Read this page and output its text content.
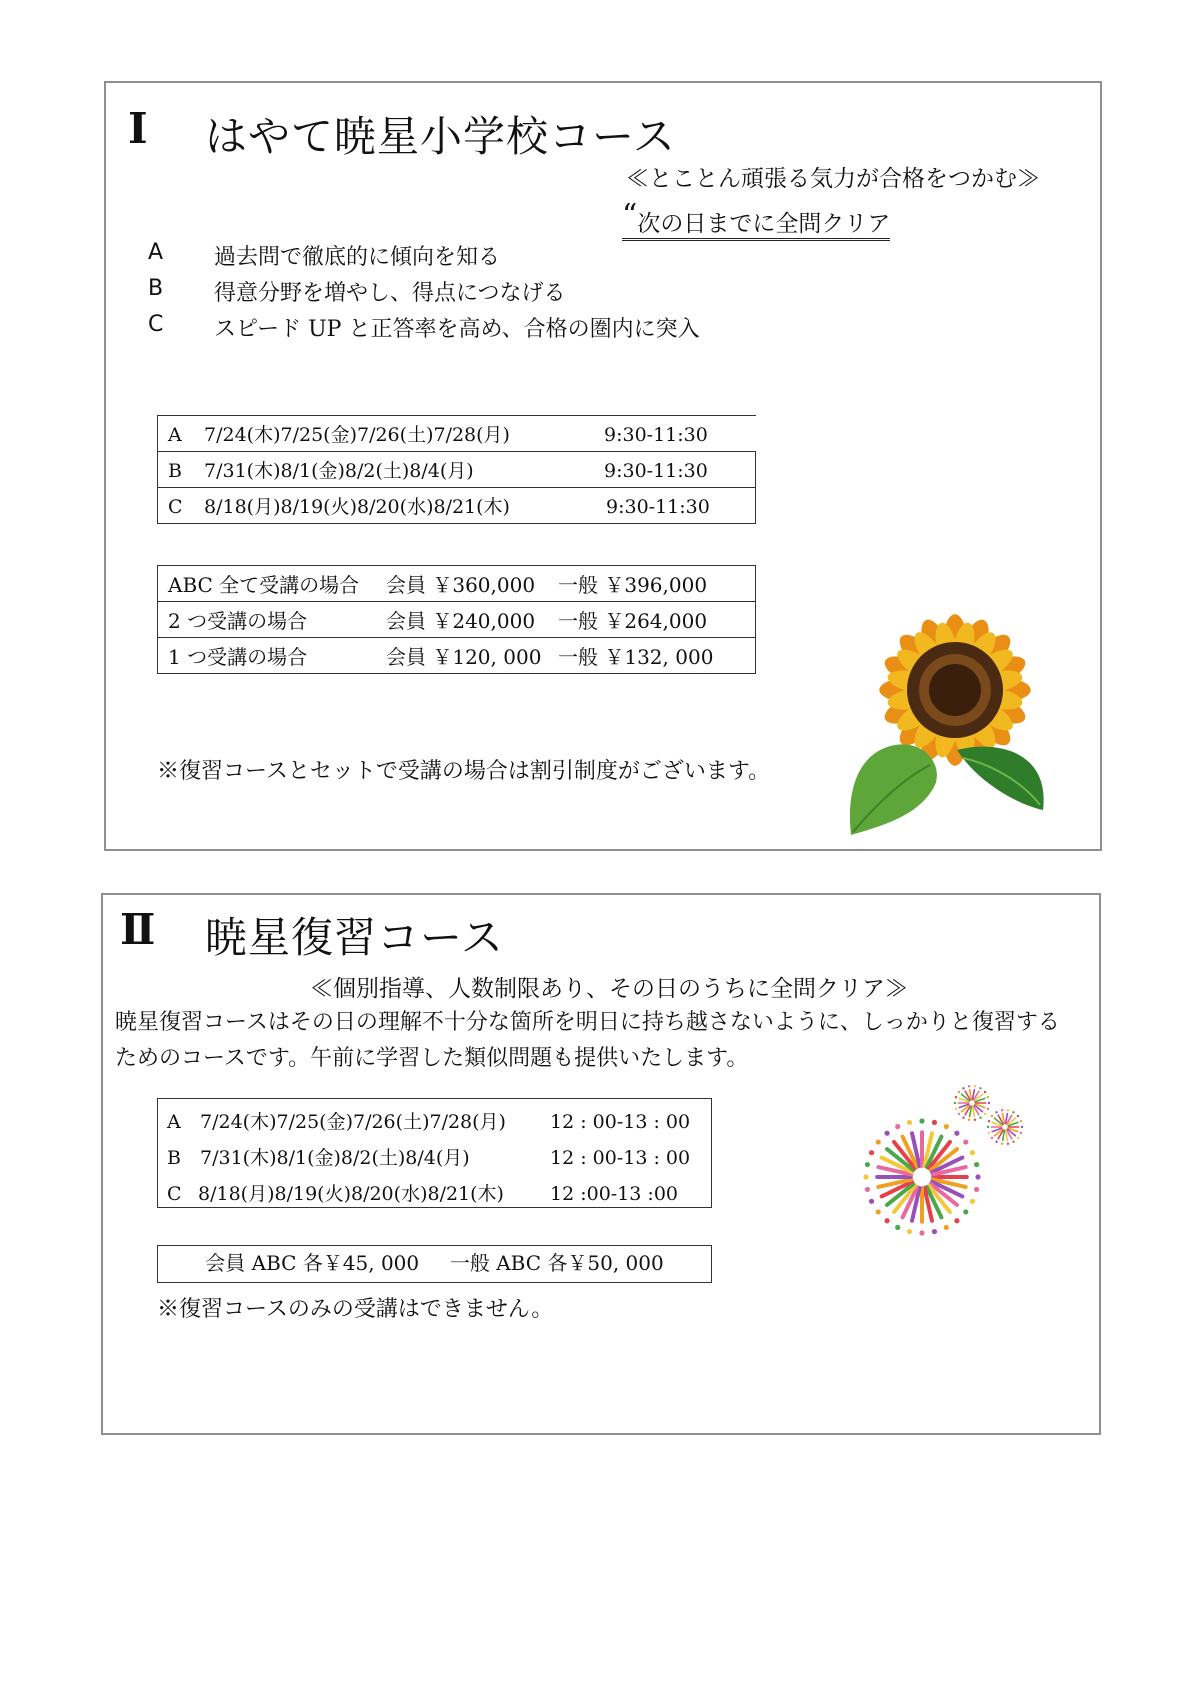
Ⅰ はやて暁星小学校コース
≪とことん頑張る気力が合格をつかむ≫
“次の日までに全問クリア
A 過去問で徹底的に傾向を知る
B 得意分野を増やし、得点につなげる
C スピード UP と正答率を高め、合格の圏内に突入
A 7/24(木)7/25(金)7/26(土)7/28(月)	9:30-11:30
B 7/31(木)8/1(金)8/2(土)8/4(月)	9:30-11:30
C 8/18(月)8/19(火)8/20(水)8/21(木)	9:30-11:30
ABC 全て受講の場合 会員 ￥360,000 一般 ￥396,000
2 つ受講の場合	会員 ￥240,000 一般 ￥264,000
1 つ受講の場合	会員 ￥120, 000 一般 ￥132, 000
※復習コースとセットで受講の場合は割引制度がございます。
Ⅱ 暁星復習コース
≪個別指導、人数制限あり、その日のうちに全問クリア≫
暁星復習コースはその日の理解不十分な箇所を明日に持ち越さないように、しっかりと復習する
ためのコースです。午前に学習した類似問題も提供いたします。
A 7/24(木)7/25(金)7/26(土)7/28(月) 12 : 00-13 : 00
B 7/31(木)8/1(金)8/2(土)8/4(月)	12 : 00-13 : 00
C 8/18(月)8/19(火)8/20(水)8/21(木) 12 :00-13 :00
会員 ABC 各￥45, 000 一般 ABC 各￥50, 000
※復習コースのみの受講はできません。
